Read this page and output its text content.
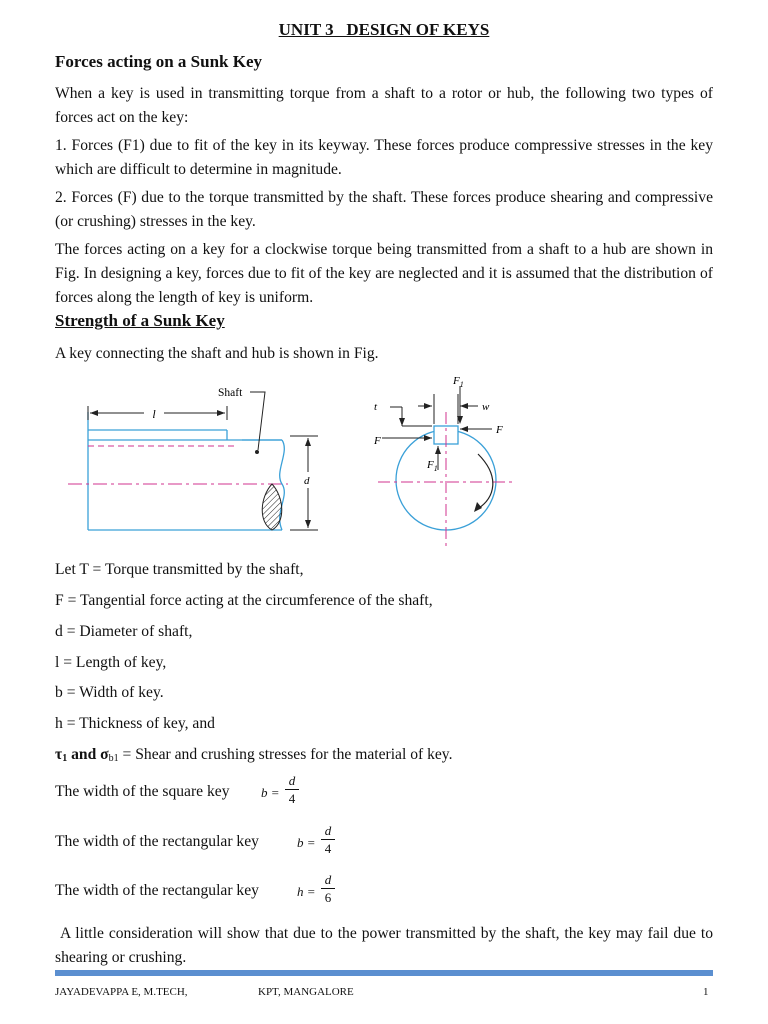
UNIT 3   DESIGN OF KEYS
Forces acting on a Sunk Key
When a key is used in transmitting torque from a shaft to a rotor or hub, the following two types of forces act on the key:
1. Forces (F1) due to fit of the key in its keyway. These forces produce compressive stresses in the key which are difficult to determine in magnitude.
2. Forces (F) due to the torque transmitted by the shaft. These forces produce shearing and compressive (or crushing) stresses in the key.
The forces acting on a key for a clockwise torque being transmitted from a shaft to a hub are shown in Fig. In designing a key, forces due to fit of the key are neglected and it is assumed that the distribution of forces along the length of key is uniform.
Strength of a Sunk Key
A key connecting the shaft and hub is shown in Fig.
l
Shaft
d
t	w
$F_1$
F
F
$F_1$
Let T = Torque transmitted by the shaft,
F = Tangential force acting at the circumference of the shaft,
d = Diameter of shaft,
l = Length of key,
b = Width of key.
h = Thickness of key, and
$\tau_1$ and $\sigma_{b1}$ = Shear and crushing stresses for the material of key.
The width of the square key b =
d
4
The width of the rectangular key	b =
d
4
The width of the rectangular key	h =
d
6
A little consideration will show that due to the power transmitted by the shaft, the key may fail due to shearing or crushing.
JAYADEVAPPA E, M.TECH,	KPT, MANGALORE	1
